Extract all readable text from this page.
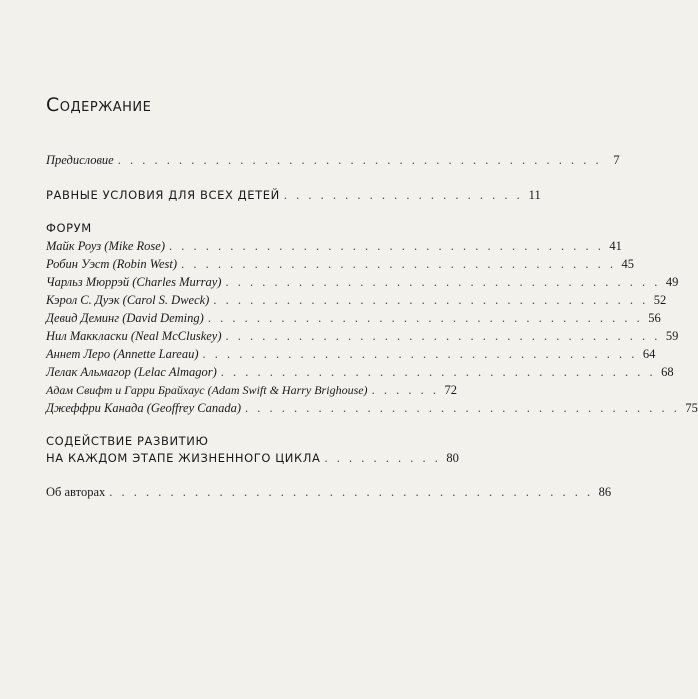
Содержание
Предисловие . . . . . . . . . . . . . . . . . . . . . . . . . . . . . . . . . . . . . . . . 7
РАВНЫЕ УСЛОВИЯ ДЛЯ ВСЕХ ДЕТЕЙ . . . . . . . . . . . . . . . . . . . . 11
ФОРУМ
Майк Роуз (Mike Rose) . . . . . . . . . . . . . . . . . . . . . . . . . . . . . . . . . . . . 41
Робин Уэст (Robin West) . . . . . . . . . . . . . . . . . . . . . . . . . . . . . . . . . . . . 45
Чарльз Мюррэй (Charles Murray) . . . . . . . . . . . . . . . . . . . . . . . . . . . . . . . . . . . . 49
Кэрол С. Дуэк (Carol S. Dweck) . . . . . . . . . . . . . . . . . . . . . . . . . . . . . . . . . . . . 52
Девид Деминг (David Deming) . . . . . . . . . . . . . . . . . . . . . . . . . . . . . . . . . . . . 56
Нил Маккласки (Neal McCluskey) . . . . . . . . . . . . . . . . . . . . . . . . . . . . . . . . . . . . 59
Аннет Леро (Annette Lareau) . . . . . . . . . . . . . . . . . . . . . . . . . . . . . . . . . . . . 64
Лелак Альмагор (Lelac Almagor) . . . . . . . . . . . . . . . . . . . . . . . . . . . . . . . . . . . . 68
Адам Свифт и Гарри Брайхаус (Adam Swift & Harry Brighouse) . . . . . . 72
Джеффри Канада (Geoffrey Canada) . . . . . . . . . . . . . . . . . . . . . . . . . . . . . . . . . . . . 75
СОДЕЙСТВИЕ РАЗВИТИЮ
НА КАЖДОМ ЭТАПЕ ЖИЗНЕННОГО ЦИКЛА . . . . . . . . . . 80
Об авторах . . . . . . . . . . . . . . . . . . . . . . . . . . . . . . . . . . . . . . . . 86
